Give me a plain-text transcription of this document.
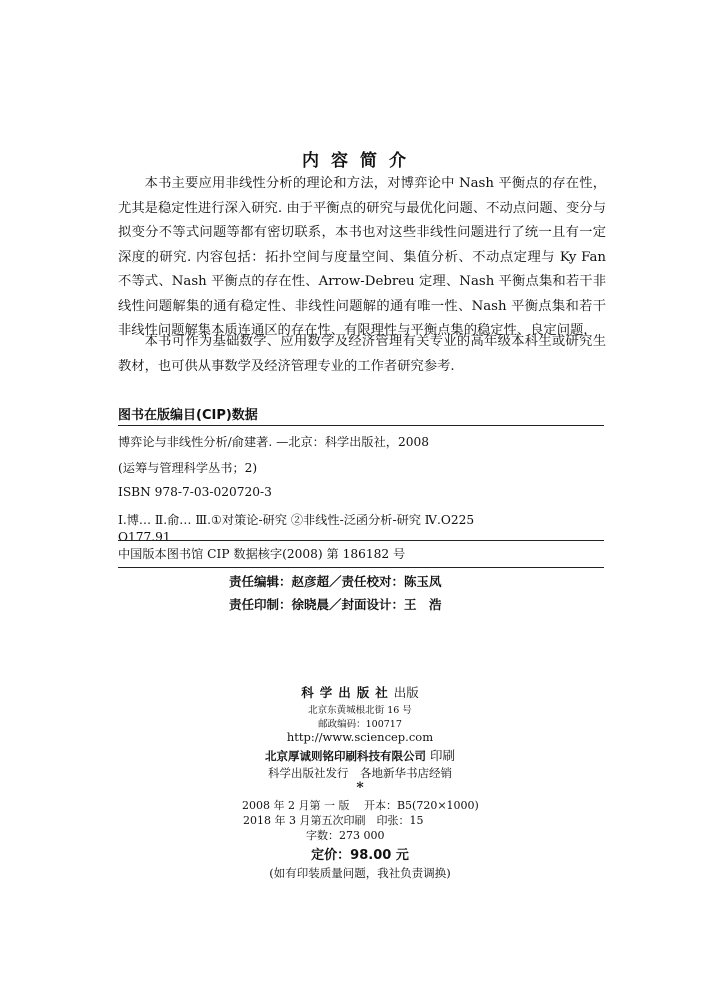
内容简介

本书主要应用非线性分析的理论和方法，对博弈论中 Nash 平衡点的存在性，尤其是稳定性进行深入研究. 由于平衡点的研究与最优化问题、不动点问题、变分与拟变分不等式问题等都有密切联系，本书也对这些非线性问题进行了统一且有一定深度的研究. 内容包括：拓扑空间与度量空间、集值分析、不动点定理与 Ky Fan 不等式、Nash 平衡点的存在性、Arrow-Debreu 定理、Nash 平衡点集和若干非线性问题解集的通有稳定性、非线性问题解的通有唯一性、Nash 平衡点集和若干非线性问题解集本质连通区的存在性、有限理性与平衡点集的稳定性、良定问题.

本书可作为基础数学、应用数学及经济管理有关专业的高年级本科生或研究生教材，也可供从事数学及经济管理专业的工作者研究参考.

图书在版编目(CIP)数据
博弈论与非线性分析/俞建著. —北京：科学出版社，2008
(运筹与管理科学丛书；2)
ISBN 978-7-03-020720-3
Ⅰ.博… Ⅱ.俞… Ⅲ.①对策论-研究 ②非线性-泛函分析-研究 Ⅳ.O225
O177.91
中国版本图书馆 CIP 数据核字(2008) 第 186182 号
责任编辑：赵彦超／责任校对：陈玉凤
责任印制：徐晓晨／封面设计：王　浩
科学出版社出版
北京东黄城根北街 16 号
邮政编码：100717
http://www.sciencep.com
北京厚诚则铭印刷科技有限公司 印刷
科学出版社发行　各地新华书店经销
*
2008 年 2 月第 一 版　 开本：B5(720×1000)
2018 年 3 月第五次印刷　印张：15
字数：273 000
定价：98.00 元
(如有印装质量问题，我社负责调换)
